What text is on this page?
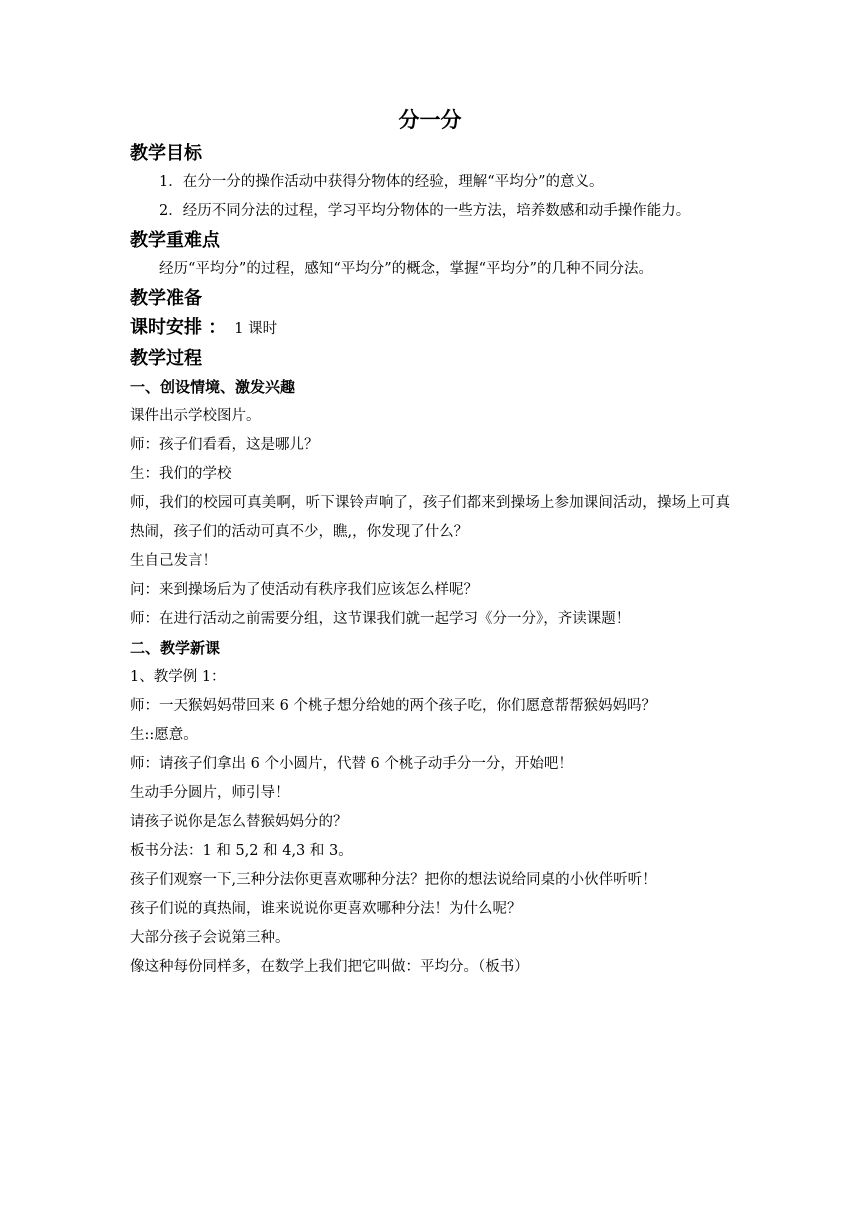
分一分
教学目标

1．在分一分的操作活动中获得分物体的经验，理解“平均分”的意义。

2．经历不同分法的过程，学习平均分物体的一些方法，培养数感和动手操作能力。

教学重难点

经历“平均分”的过程，感知“平均分”的概念，掌握“平均分”的几种不同分法。

教学准备
课时安排 ： 1 课时
教学过程
一、创设情境、激发兴趣

课件出示学校图片。

师：孩子们看看，这是哪儿？

生：我们的学校

师，我们的校园可真美啊，听下课铃声响了，孩子们都来到操场上参加课间活动，操场上可真热闹，孩子们的活动可真不少，瞧,，你发现了什么？

生自己发言！

问：来到操场后为了使活动有秩序我们应该怎么样呢？

师：在进行活动之前需要分组，这节课我们就一起学习《分一分》，齐读课题！

二、教学新课

1、教学例 1：

师：一天猴妈妈带回来 6 个桃子想分给她的两个孩子吃，你们愿意帮帮猴妈妈吗？

生::愿意。

师：请孩子们拿出 6 个小圆片，代替 6 个桃子动手分一分，开始吧！

生动手分圆片，师引导！

请孩子说你是怎么替猴妈妈分的？

板书分法：1 和 5,2 和 4,3 和 3。

孩子们观察一下,三种分法你更喜欢哪种分法？把你的想法说给同桌的小伙伴听听！

孩子们说的真热闹，谁来说说你更喜欢哪种分法！为什么呢？

大部分孩子会说第三种。

像这种每份同样多，在数学上我们把它叫做：平均分。（板书）
